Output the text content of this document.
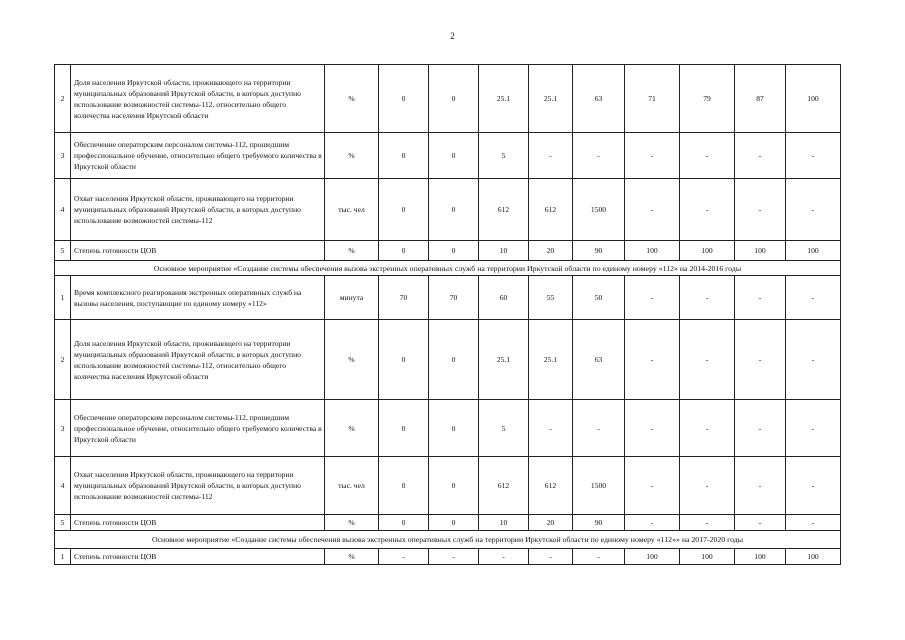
2
2	Доля населения Иркутской области, проживающего на территории муниципальных образований Иркутской области, в которых доступно использование возможностей системы-112, относительно общего количества населения Иркутской области	%	0	0	25.1	25.1	63	71	79	87	100
3	Обеспечение операторским персоналом системы-112, прошедшим профессиональное обучение, относительно общего требуемого количества в Иркутской области	%	0	0	5	-	-	-	-	-	-
4	Охват населения Иркутской области, проживающего на территории муниципальных образований Иркутской области, в которых доступно использование возможностей системы-112	тыс. чел	0	0	612	612	1500	-	-	-	-
5	Степень готовности ЦОВ	%	0	0	10	20	90	100	100	100	100
Основное мероприятие «Создание системы обеспечения вызова экстренных оперативных служб на территории Иркутской области по единому номеру «112» на 2014-2016 годы											
1	Время комплексного реагирования экстренных оперативных служб на вызовы населения, поступающие по единому номеру «112»	минута	70	70	60	55	50	-	-	-	-
2	Доля населения Иркутской области, проживающего на территории муниципальных образований Иркутской области, в которых доступно использование возможностей системы-112, относительно общего количества населения Иркутской области	%	0	0	25.1	25.1	63	-	-	-	-
3	Обеспечение операторским персоналом системы-112, прошедшим профессиональное обучение, относительно общего требуемого количества в Иркутской области	%	0	0	5	-	-	-	-	-	-
4	Охват населения Иркутской области, проживающего на территории муниципальных образований Иркутской области, в которых доступно использование возможностей системы-112	тыс. чел	0	0	612	612	1500	-	-	-	-
5	Степень готовности ЦОВ	%	0	0	10	20	90	-	-	-	-
Основное мероприятие «Создание системы обеспечения вызова экстренных оперативных служб на территории Иркутской области по единому номеру «112»» на 2017-2020 годы											
1	Степень готовности ЦОВ	%	-	-	-	-	-	100	100	100	100
